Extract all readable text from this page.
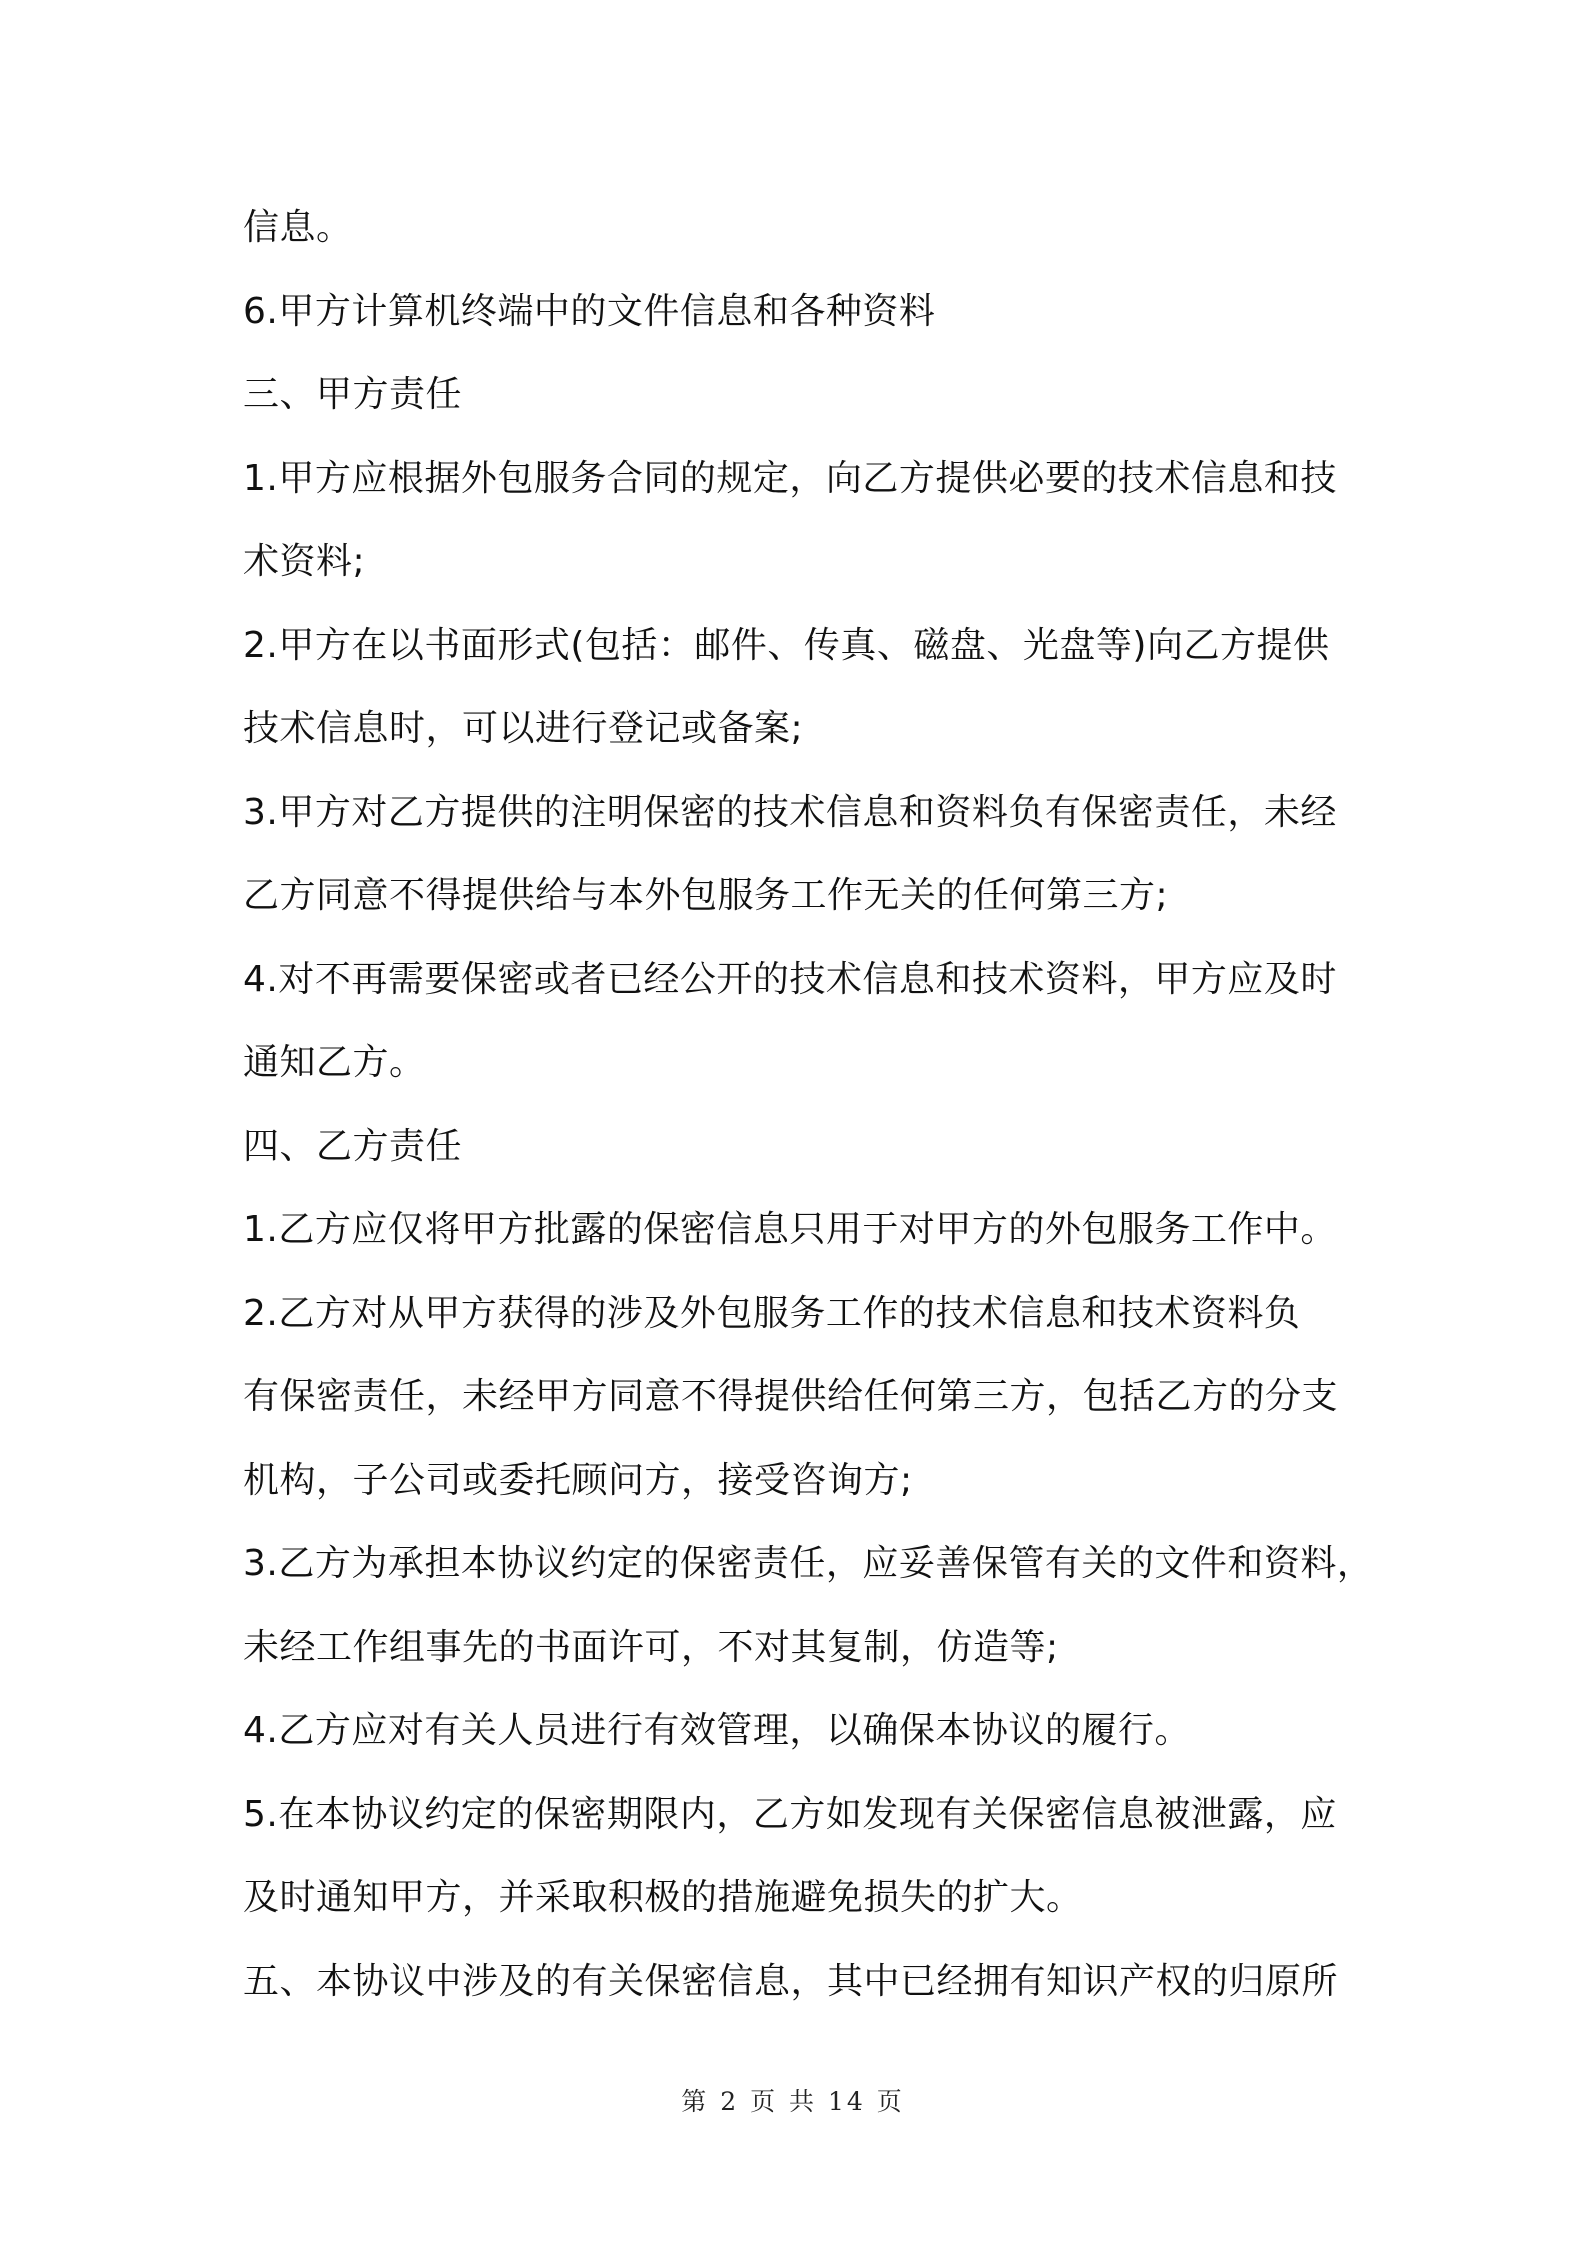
信息。
6.甲方计算机终端中的文件信息和各种资料
三、甲方责任
1.甲方应根据外包服务合同的规定，向乙方提供必要的技术信息和技
术资料;
2.甲方在以书面形式(包括：邮件、传真、磁盘、光盘等)向乙方提供
技术信息时，可以进行登记或备案;
3.甲方对乙方提供的注明保密的技术信息和资料负有保密责任，未经
乙方同意不得提供给与本外包服务工作无关的任何第三方;
4.对不再需要保密或者已经公开的技术信息和技术资料，甲方应及时
通知乙方。
四、乙方责任
1.乙方应仅将甲方批露的保密信息只用于对甲方的外包服务工作中。
2.乙方对从甲方获得的涉及外包服务工作的技术信息和技术资料负
有保密责任，未经甲方同意不得提供给任何第三方，包括乙方的分支
机构，子公司或委托顾问方，接受咨询方;
3.乙方为承担本协议约定的保密责任，应妥善保管有关的文件和资料，
未经工作组事先的书面许可，不对其复制，仿造等;
4.乙方应对有关人员进行有效管理，以确保本协议的履行。
5.在本协议约定的保密期限内，乙方如发现有关保密信息被泄露，应
及时通知甲方，并采取积极的措施避免损失的扩大。
五、本协议中涉及的有关保密信息，其中已经拥有知识产权的归原所
第 2 页 共 14 页
